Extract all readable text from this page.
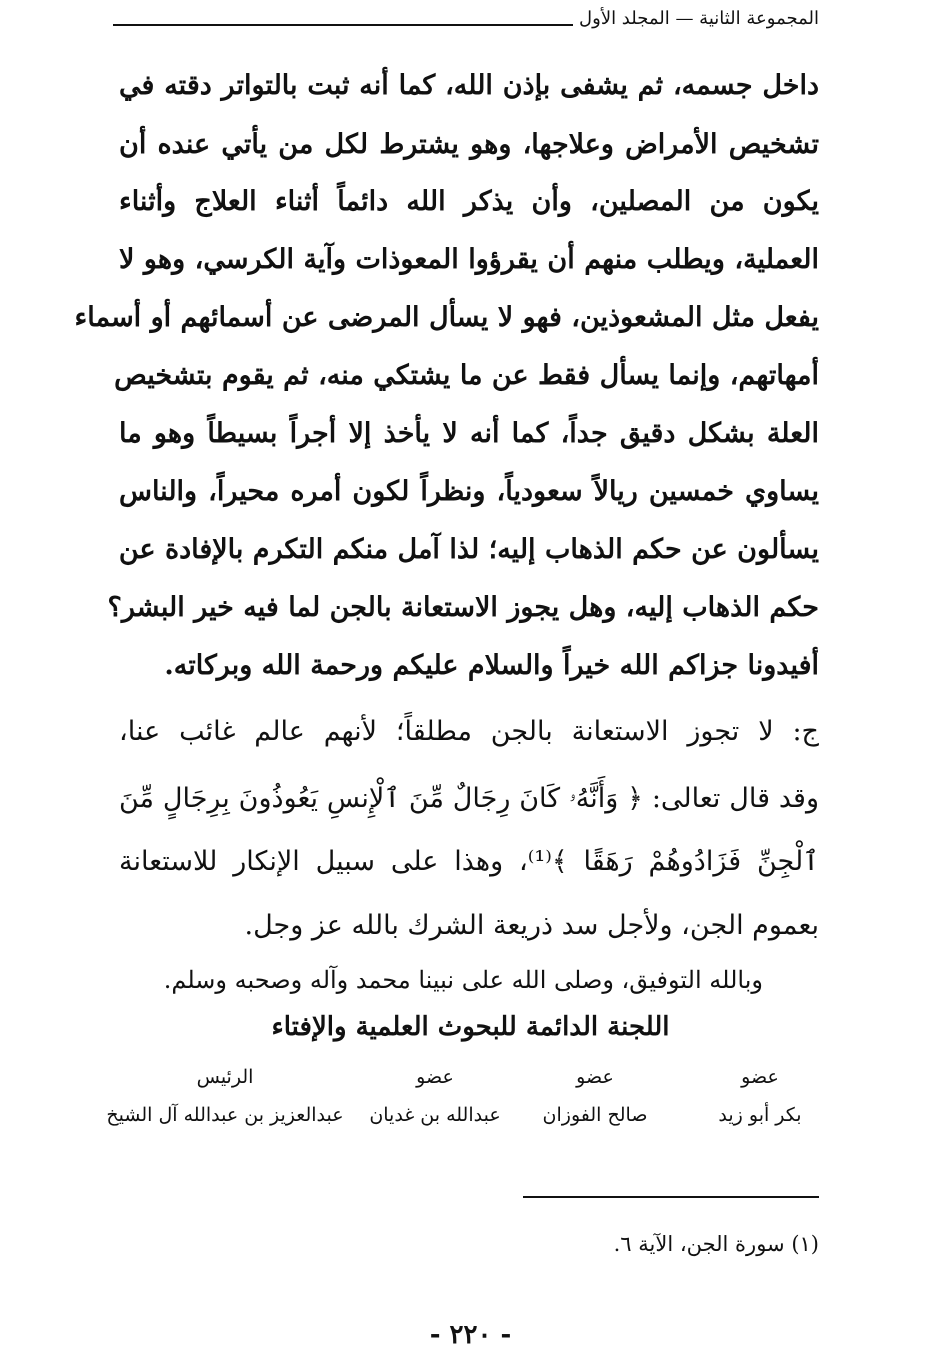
المجموعة الثانية — المجلد الأول
داخل جسمه، ثم يشفى بإذن الله، كما أنه ثبت بالتواتر دقته في
تشخيص الأمراض وعلاجها، وهو يشترط لكل من يأتي عنده أن
يكون من المصلين، وأن يذكر الله دائماً أثناء العلاج وأثناء
العملية، ويطلب منهم أن يقرؤوا المعوذات وآية الكرسي، وهو لا
يفعل مثل المشعوذين، فهو لا يسأل المرضى عن أسمائهم أو أسماء
أمهاتهم، وإنما يسأل فقط عن ما يشتكي منه، ثم يقوم بتشخيص
العلة بشكل دقيق جداً، كما أنه لا يأخذ إلا أجراً بسيطاً وهو ما
يساوي خمسين ريالاً سعودياً، ونظراً لكون أمره محيراً، والناس
يسألون عن حكم الذهاب إليه؛ لذا آمل منكم التكرم بالإفادة عن
حكم الذهاب إليه، وهل يجوز الاستعانة بالجن لما فيه خير البشر؟
أفيدونا جزاكم الله خيراً والسلام عليكم ورحمة الله وبركاته.
ج: لا تجوز الاستعانة بالجن مطلقاً؛ لأنهم عالم غائب عنا،
وقد قال تعالى: ﴿ وَأَنَّهُۥ كَانَ رِجَالٌ مِّنَ ٱلْإِنسِ يَعُوذُونَ بِرِجَالٍ مِّنَ
ٱلْجِنِّ فَزَادُوهُمْ رَهَقًا ﴾⁽¹⁾، وهذا على سبيل الإنكار للاستعانة
بعموم الجن، ولأجل سد ذريعة الشرك بالله عز وجل.
وبالله التوفيق، وصلى الله على نبينا محمد وآله وصحبه وسلم.
اللجنة الدائمة للبحوث العلمية والإفتاء
عضو
بكر أبو زيد
عضو
صالح الفوزان
عضو
عبدالله بن غديان
الرئيس
عبدالعزيز بن عبدالله آل الشيخ
(١) سورة الجن، الآية ٦.
- ٢٢٠ -
